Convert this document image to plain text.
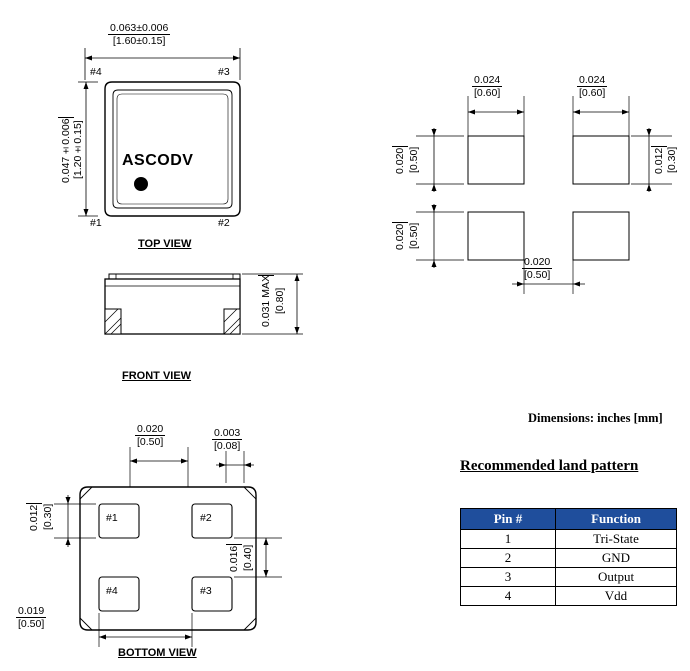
0.063±0.006
[1.60±0.15]
0.047±0.006 [1.20±0.15]
#4	#3
#1	#2
ASCODV
TOP VIEW
0.031 MAX [0.80]
FRONT VIEW
0.020
[0.50]
0.003
[0.08]
0.012 [0.30]
0.016 [0.40]
0.019
[0.50]
#1	#2
#4	#3
BOTTOM VIEW
0.024
[0.60]
0.024
[0.60]
0.020 [0.50]	0.012 [0.30]
0.020 [0.50]
0.020
[0.50]
Dimensions: inches [mm]
Recommended land pattern
Pin #	Function
1	Tri-State
2	GND
3	Output
4	Vdd
